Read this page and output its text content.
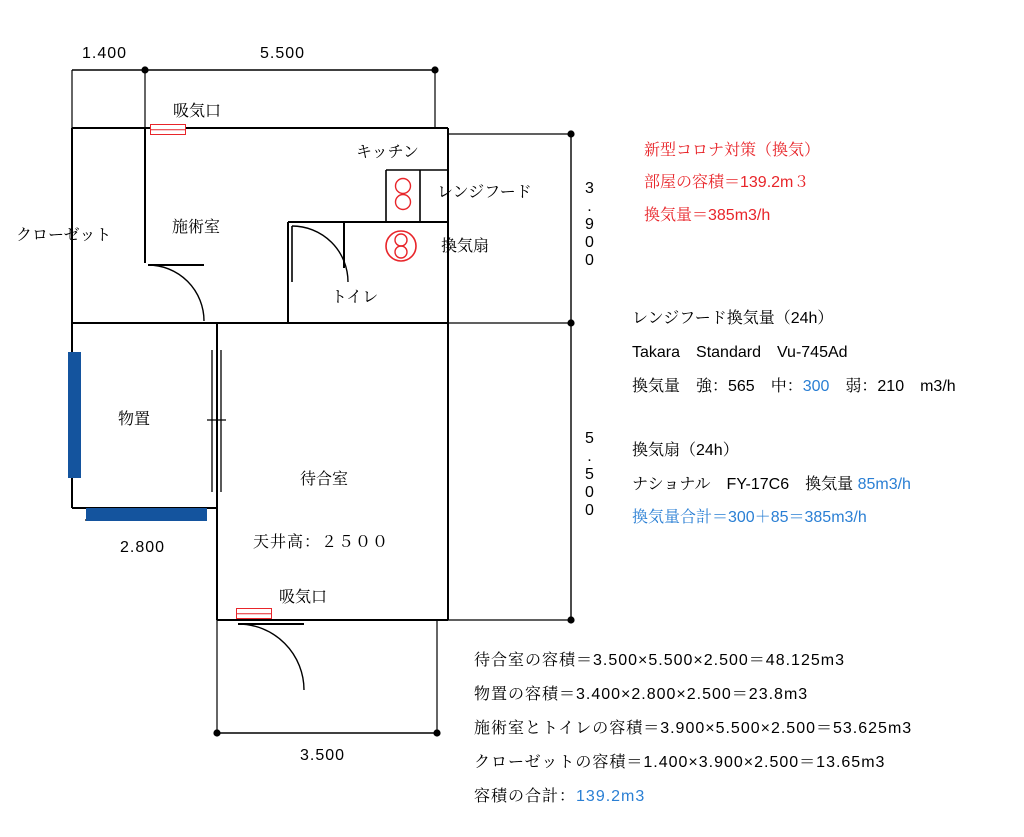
1.400	5.500
3.900
5.500
2.800
3.500
クローゼット	施術室
キッチン
トイレ
物置
待合室
吸気口
吸気口
レンジフード
換気扇
天井高：２５００
新型コロナ対策（換気）
部屋の容積＝139.2m３
換気量＝385m3/h
レンジフード換気量（24h）
Takara　Standard　Vu-745Ad
換気量　強：565　中：300　弱：210　m3/h
換気扇（24h）
ナショナル　FY-17C6　換気量 85m3/h
換気量合計＝300＋85＝385m3/h
待合室の容積＝3.500×5.500×2.500＝48.125m3
物置の容積＝3.400×2.800×2.500＝23.8m3
施術室とトイレの容積＝3.900×5.500×2.500＝53.625m3
クローゼットの容積＝1.400×3.900×2.500＝13.65m3
容積の合計：139.2m3
